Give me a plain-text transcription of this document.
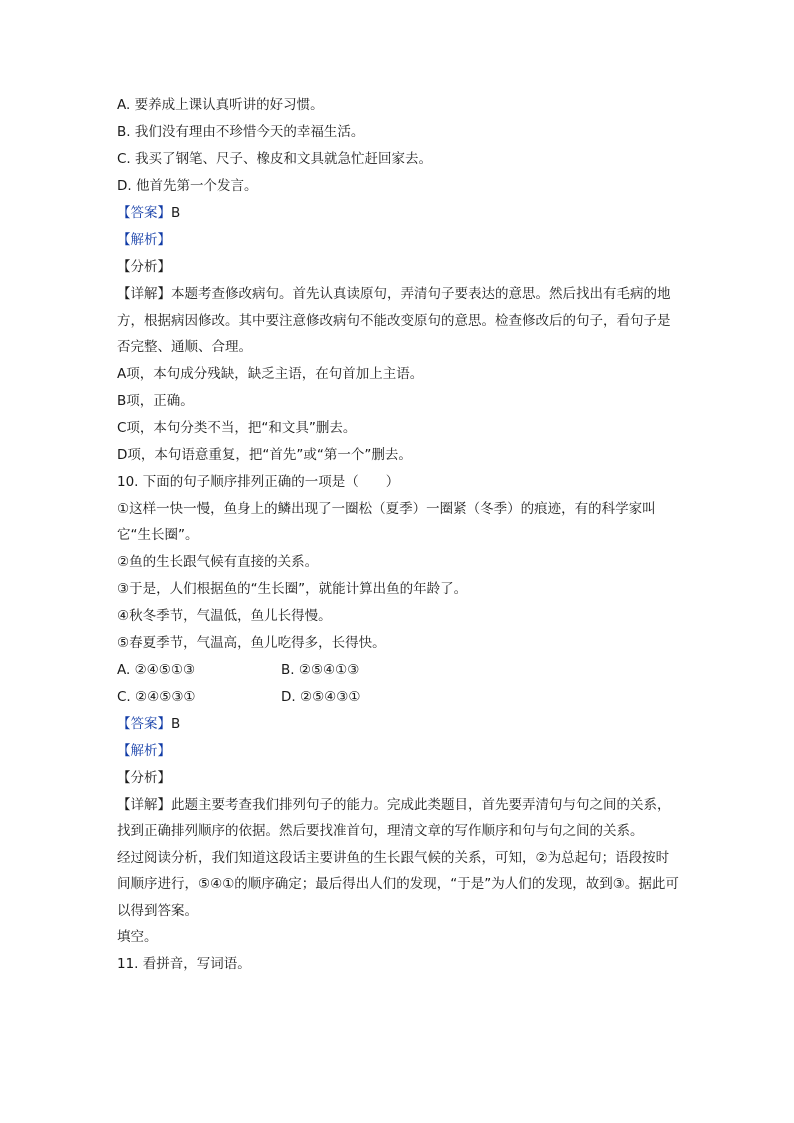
A. 要养成上课认真听讲的好习惯。
B. 我们没有理由不珍惜今天的幸福生活。
C. 我买了钢笔、尺子、橡皮和文具就急忙赶回家去。
D. 他首先第一个发言。
【答案】B
【解析】
【分析】
【详解】本题考查修改病句。首先认真读原句，弄清句子要表达的意思。然后找出有毛病的地方，根据病因修改。其中要注意修改病句不能改变原句的意思。检查修改后的句子，看句子是否完整、通顺、合理。
A项，本句成分残缺，缺乏主语，在句首加上主语。
B项，正确。
C项，本句分类不当，把“和文具”删去。
D项，本句语意重复，把“首先”或“第一个”删去。
10. 下面的句子顺序排列正确的一项是（　　）
①这样一快一慢，鱼身上的鳞出现了一圈松（夏季）一圈紧（冬季）的痕迹，有的科学家叫它“生长圈”。
②鱼的生长跟气候有直接的关系。
③于是，人们根据鱼的“生长圈”，就能计算出鱼的年龄了。
④秋冬季节，气温低，鱼儿长得慢。
⑤春夏季节，气温高，鱼儿吃得多，长得快。
A. ②④⑤①③	B. ②⑤④①③
C. ②④⑤③①	D. ②⑤④③①
【答案】B
【解析】
【分析】
【详解】此题主要考查我们排列句子的能力。完成此类题目，首先要弄清句与句之间的关系，找到正确排列顺序的依据。然后要找准首句，理清文章的写作顺序和句与句之间的关系。
经过阅读分析，我们知道这段话主要讲鱼的生长跟气候的关系，可知，②为总起句；语段按时间顺序进行，⑤④①的顺序确定；最后得出人们的发现，“于是”为人们的发现，故到③。据此可以得到答案。
填空。
11. 看拼音，写词语。
